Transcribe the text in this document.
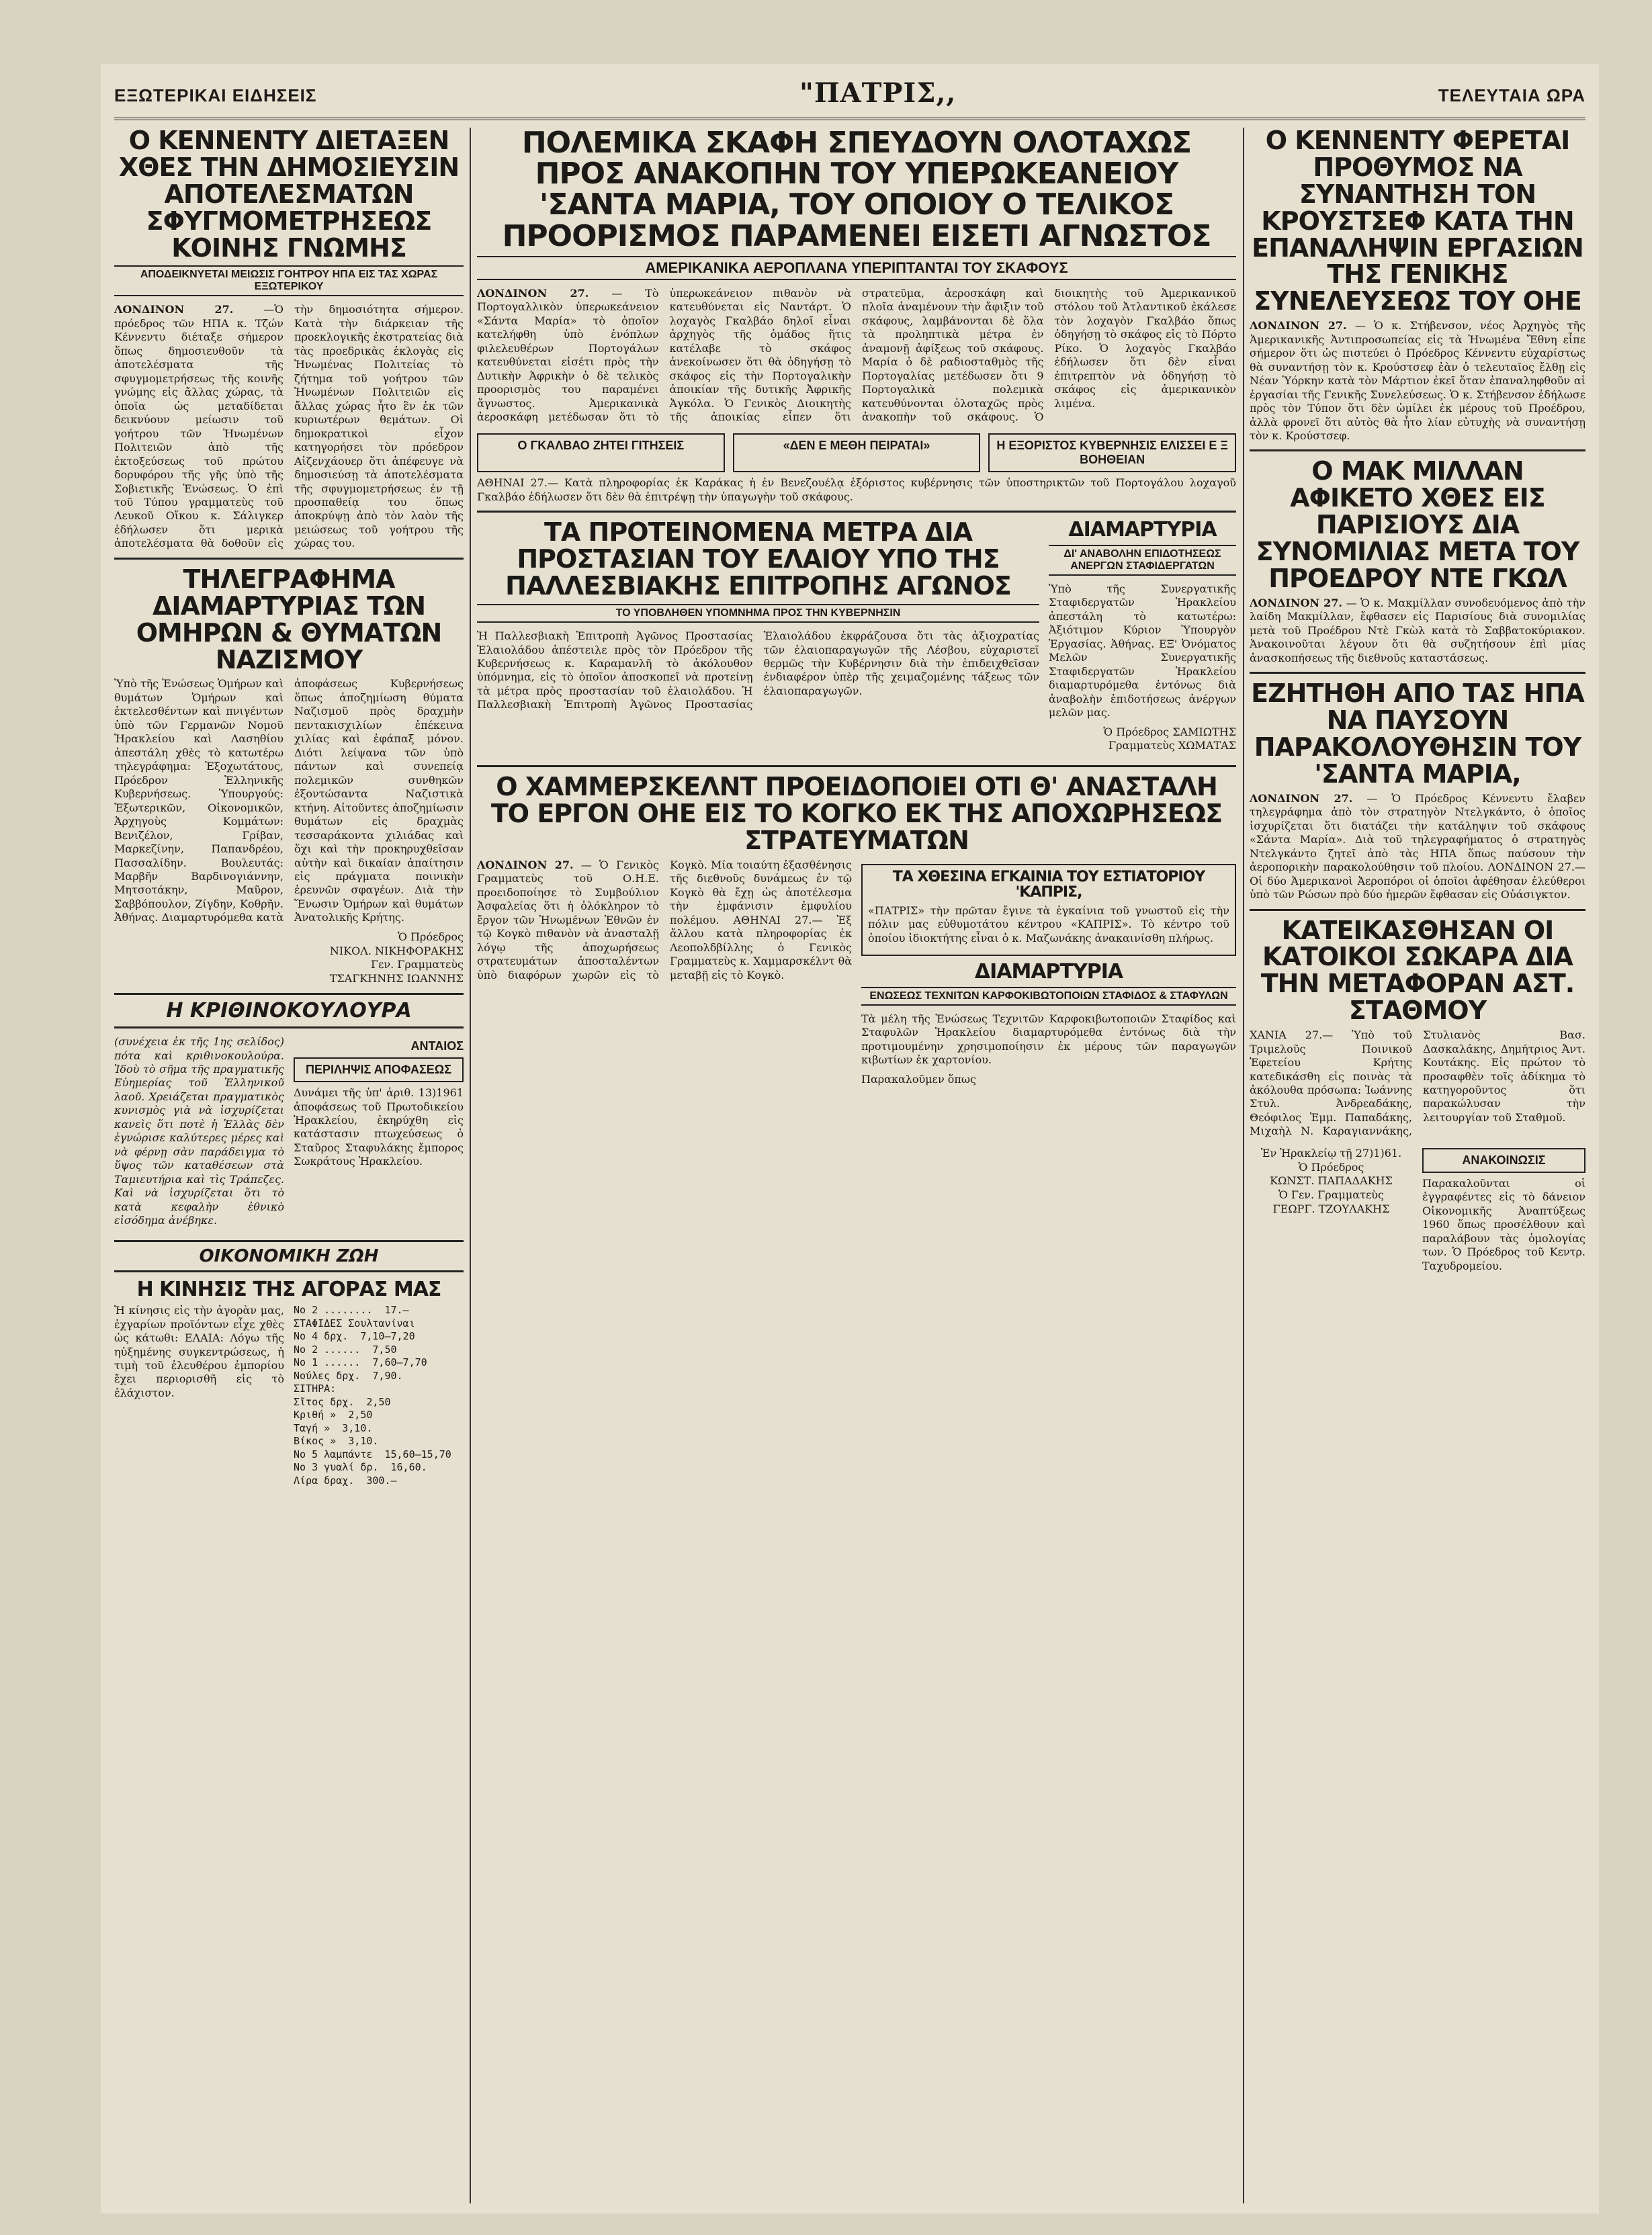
ΕΞΩΤΕΡΙΚΑΙ ΕΙΔΗΣΕΙΣ	"ΠΑΤΡΙΣ,,	ΤΕΛΕΥΤΑΙΑ ΩΡΑ
Ο ΚΕΝΝΕΝΤΥ ΔΙΕΤΑΞΕΝ ΧΘΕΣ ΤΗΝ ΔΗΜΟΣΙΕΥΣΙΝ ΑΠΟΤΕΛΕΣΜΑΤΩΝ ΣΦΥΓΜΟΜΕΤΡΗΣΕΩΣ ΚΟΙΝΗΣ ΓΝΩΜΗΣ
ΑΠΟΔΕΙΚΝΥΕΤΑΙ ΜΕΙΩΣΙΣ ΓΟΗΤΡΟΥ ΗΠΑ ΕΙΣ ΤΑΣ ΧΩΡΑΣ ΕΞΩΤΕΡΙΚΟΥ
ΛΟΝΔΙΝΟΝ 27.	—Ὁ πρόεδρος τῶν ΗΠΑ κ. Τζών Κέννεντυ διέταξε σήμερον ὅπως δημοσιευθοῦν τὰ ἀποτελέσματα τῆς σφυγμομετρήσεως τῆς κοινῆς γνώμης εἰς ἄλλας χώρας, τὰ ὁποῖα ὡς μεταδίδεται δεικνύουν μείωσιν τοῦ γοήτρου τῶν Ἡνωμένων Πολιτειῶν ἀπὸ τῆς ἐκτοξεύσεως τοῦ πρώτου δορυφόρου τῆς γῆς ὑπὸ τῆς Σοβιετικῆς Ἑνώσεως. Ὁ ἐπὶ τοῦ Τύπου γραμματεὺς τοῦ Λευκοῦ Οἴκου κ. Σάλιγκερ ἐδήλωσεν ὅτι μερικὰ ἀποτελέσματα θὰ δοθοῦν εἰς τὴν δημοσιότητα σήμερον. Κατὰ τὴν διάρκειαν τῆς προεκλογικῆς ἐκστρατείας διὰ τὰς προεδρικὰς ἐκλογὰς εἰς Ἡνωμένας Πολιτείας τὸ ζήτημα τοῦ γοήτρου τῶν Ἡνωμένων Πολιτειῶν εἰς ἄλλας χώρας ἦτο ἓν ἐκ τῶν κυριωτέρων θεμάτων. Οἱ δημοκρατικοὶ εἶχον κατηγορήσει τὸν πρόεδρον Αἰζενχάουερ ὅτι ἀπέφευγε νὰ δημοσιεύσῃ τὰ ἀποτελέσματα τῆς σφυγμομετρήσεως ἐν τῇ προσπαθείᾳ του ὅπως ἀποκρύψῃ ἀπὸ τὸν λαὸν τῆς μειώσεως τοῦ γοήτρου τῆς χώρας του.
ΤΗΛΕΓΡΑΦΗΜΑ ΔΙΑΜΑΡΤΥΡΙΑΣ ΤΩΝ ΟΜΗΡΩΝ & ΘΥΜΑΤΩΝ ΝΑΖΙΣΜΟΥ
Ὑπὸ τῆς Ἑνώσεως Ὁμήρων καὶ θυμάτων Ὁμήρων καὶ ἐκτελεσθέντων καὶ πνιγέντων ὑπὸ τῶν Γερμανῶν Νομοῦ Ἡρακλείου καὶ Λασηθίου ἀπεστάλη χθὲς τὸ κατωτέρω τηλεγράφημα: Ἐξοχωτάτους, Πρόεδρον Ἑλληνικῆς Κυβερνήσεως. Ὑπουργούς: Ἐξωτερικῶν, Οἰκονομικῶν, Ἀρχηγοὺς Κομμάτων: Βενιζέλον, Γρίβαν, Μαρκεζίνην, Παπανδρέου, Πασσαλίδην. Βουλευτάς: Μαρβῆν Βαρδινογιάννην, Μητσοτάκην, Μαῦρον, Σαββόπουλον, Ζίγδην, Κοθρῆν. Ἀθήνας. Διαμαρτυρόμεθα κατὰ ἀποφάσεως Κυβερνήσεως ὅπως ἀποζημίωση θύματα Ναζισμοῦ πρὸς δραχμὴν πεντακισχιλίων ἐπέκεινα χιλίας καὶ ἐφάπαξ μόνον. Διότι λείψανα τῶν ὑπὸ πάντων καὶ συνεπείᾳ πολεμικῶν συνθηκῶν ἐξοντώσαντα Ναζιστικὰ κτήνη. Αἰτοῦντες ἀποζημίωσιν θυμάτων εἰς δραχμὰς τεσσαράκοντα χιλιάδας καὶ ὅχι καὶ τὴν προκηρυχθεῖσαν αὐτὴν καὶ δικαίαν ἀπαίτησιν εἰς πράγματα ποινικὴν ἐρευνῶν σφαγέων. Διὰ τὴν Ἕνωσιν Ὁμήρων καὶ θυμάτων Ἀνατολικῆς Κρήτης.
Ὁ Πρόεδρος
ΝΙΚΟΛ. ΝΙΚΗΦΟΡΑΚΗΣ
Γεν. Γραμματεὺς
ΤΣΑΓΚΗΝΗΣ ΙΩΑΝΝΗΣ
Η ΚΡΙΘΙΝΟΚΟΥΛΟΥΡΑ
(συνέχεια ἐκ τῆς 1ης σελίδος) πότα καὶ κριθινοκουλούρα. Ἰδοὺ τὸ σῆμα τῆς πραγματικῆς Εὐημερίας τοῦ Ἑλληνικοῦ λαοῦ. Χρειάζεται πραγματικὸς κυνισμὸς γιὰ νὰ ἰσχυρίζεται κανεὶς ὅτι ποτὲ ἡ Ἑλλὰς δὲν ἐγνώρισε καλύτερες μέρες καὶ νὰ φέρνῃ σὰν παράδειγμα τὸ ὕψος τῶν καταθέσεων στὰ Ταμιευτήρια καὶ τὶς Τράπεζες. Καὶ νὰ ἰσχυρίζεται ὅτι τὸ κατὰ κεφαλὴν ἐθνικὸ εἰσόδημα ἀνέβηκε.
ΑΝΤΑΙΟΣ
ΠΕΡΙΛΗΨΙΣ ΑΠΟΦΑΣΕΩΣ
Δυνάμει τῆς ὑπ' ἀριθ. 13)1961 ἀποφάσεως τοῦ Πρωτοδικείου Ἡρακλείου, ἐκηρύχθη εἰς κατάστασιν πτωχεύσεως ὁ Σταῦρος Σταφυλάκης ἔμπορος Σωκράτους Ἡρακλείου.
ΟΙΚΟΝΟΜΙΚΗ ΖΩΗ
Η ΚΙΝΗΣΙΣ ΤΗΣ ΑΓΟΡΑΣ ΜΑΣ
Ἡ κίνησις εἰς τὴν ἀγορὰν μας, ἐχγαρίων προϊόντων εἶχε χθὲς ὡς κάτωθι: ΕΛΑΙΑ: Λόγω τῆς ηὐξημένης συγκεντρώσεως, ἡ τιμὴ τοῦ ἐλευθέρου ἐμπορίου ἔχει περιορισθῆ εἰς τὸ ἐλάχιστον.
No 2 ........  17.—
ΣΤΑΦΙΔΕΣ Σουλτανίναι
No 4 δρχ.  7,10—7,20
No 2 ......  7,50
No 1 ......  7,60—7,70
Νούλες δρχ.  7,90.
ΣΙΤΗΡΑ:
Σῖτος δρχ.  2,50
Κριθή »  2,50
Ταγή »  3,10.
Βίκος »  3,10.
No 5 λαμπάντε  15,60—15,70
No 3 γυαλί δρ.  16,60.
Λίρα δραχ.  300.—
ΠΟΛΕΜΙΚΑ ΣΚΑΦΗ ΣΠΕΥΔΟΥΝ ΟΛΟΤΑΧΩΣ ΠΡΟΣ ΑΝΑΚΟΠΗΝ ΤΟΥ ΥΠΕΡΩΚΕΑΝΕΙΟΥ 'ΣΑΝΤΑ ΜΑΡΙΑ, ΤΟΥ ΟΠΟΙΟΥ Ο ΤΕΛΙΚΟΣ ΠΡΟΟΡΙΣΜΟΣ ΠΑΡΑΜΕΝΕΙ ΕΙΣΕΤΙ ΑΓΝΩΣΤΟΣ
ΑΜΕΡΙΚΑΝΙΚΑ ΑΕΡΟΠΛΑΝΑ ΥΠΕΡΙΠΤΑΝΤΑΙ ΤΟΥ ΣΚΑΦΟΥΣ
ΛΟΝΔΙΝΟΝ 27. — Τὸ Πορτογαλλικὸν ὑπερωκεάνειον «Σάντα Μαρία» τὸ ὁποῖον κατελήφθη ὑπὸ ἐνόπλων φιλελευθέρων Πορτογάλων κατευθύνεται εἰσέτι πρὸς τὴν Δυτικὴν Ἀφρικὴν ὁ δὲ τελικὸς προορισμὸς του παραμένει ἄγνωστος. Ἀμερικανικὰ ἀεροσκάφη μετέδωσαν ὅτι τὸ ὑπερωκεάνειον πιθανὸν νὰ κατευθύνεται εἰς Ναντάρτ. Ὁ λοχαγὸς Γκαλβάο δηλοῖ εἶναι ἀρχηγὸς τῆς ὁμάδος ἥτις κατέλαβε τὸ σκάφος ἀνεκοίνωσεν ὅτι θὰ ὁδηγήσῃ τὸ σκάφος εἰς τὴν Πορτογαλικὴν ἀποικίαν τῆς δυτικῆς Ἀφρικῆς Ἀγκόλα. Ὁ Γενικὸς Διοικητὴς τῆς ἀποικίας εἶπεν ὅτι στρατεῦμα, ἀεροσκάφη καὶ πλοῖα ἀναμένουν τὴν ἄφιξιν τοῦ σκάφους, λαμβάνονται δὲ ὅλα τὰ προληπτικὰ μέτρα ἐν ἀναμονῇ ἀφίξεως τοῦ σκάφους. Μαρία ὁ δὲ ραδιοσταθμὸς τῆς Πορτογαλίας μετέδωσεν ὅτι 9 Πορτογαλικὰ πολεμικὰ κατευθύνονται ὁλοταχῶς πρὸς ἀνακοπὴν τοῦ σκάφους. Ὁ διοικητὴς τοῦ Ἀμερικανικοῦ στόλου τοῦ Ἀτλαντικοῦ ἐκάλεσε τὸν λοχαγὸν Γκαλβάο ὅπως ὁδηγήσῃ τὸ σκάφος εἰς τὸ Πόρτο Ρίκο. Ὁ λοχαγὸς Γκαλβάο ἐδήλωσεν ὅτι δὲν εἶναι ἐπιτρεπτὸν νὰ ὁδηγήσῃ τὸ σκάφος εἰς ἀμερικανικὸν λιμένα.
Ο ΓΚΑΛΒΑΟ ΖΗΤΕΙ ΓΙΤΗΣΕΙΣ	«ΔΕΝ Ε ΜΕΘΗ ΠΕΙΡΑΤΑΙ»	Η ΕΞΟΡΙΣΤΟΣ ΚΥΒΕΡΝΗΣΙΣ ΕΛΙΣΣΕΙ Ε Ξ ΒΟΗΘΕΙΑΝ
ΑΘΗΝΑΙ 27.— Κατὰ πληροφορίας ἐκ Καράκας ἡ ἐν Βενεζουέλᾳ ἐξόριστος κυβέρνησις τῶν ὑποστηρικτῶν τοῦ Πορτογάλου λοχαγοῦ Γκαλβάο ἐδήλωσεν ὅτι δὲν θὰ ἐπιτρέψῃ τὴν ὑπαγωγὴν τοῦ σκάφους.
ΤΑ ΠΡΟΤΕΙΝΟΜΕΝΑ ΜΕΤΡΑ ΔΙΑ ΠΡΟΣΤΑΣΙΑΝ ΤΟΥ ΕΛΑΙΟΥ ΥΠΟ ΤΗΣ ΠΑΛΛΕΣΒΙΑΚΗΣ ΕΠΙΤΡΟΠΗΣ ΑΓΩΝΟΣ
ΤΟ ΥΠΟΒΛΗΘΕΝ ΥΠΟΜΝΗΜΑ ΠΡΟΣ ΤΗΝ ΚΥΒΕΡΝΗΣΙΝ
Ἡ Παλλεσβιακὴ Ἐπιτροπὴ Ἀγῶνος Προστασίας Ἐλαιολάδου ἀπέστειλε πρὸς τὸν Πρόεδρον τῆς Κυβερνήσεως κ. Καραμανλῆ τὸ ἀκόλουθον ὑπόμνημα, εἰς τὸ ὁποῖον ἀποσκοπεῖ νὰ προτείνῃ τὰ μέτρα πρὸς προστασίαν τοῦ ἐλαιολάδου. Ἡ Παλλεσβιακὴ Ἐπιτροπὴ Ἀγῶνος Προστασίας Ἐλαιολάδου ἐκφράζουσα ὅτι τὰς ἀξιοχρατίας τῶν ἐλαιοπαραγωγῶν τῆς Λέσβου, εὐχαριστεῖ θερμῶς τὴν Κυβέρνησιν διὰ τὴν ἐπιδειχθεῖσαν ἐνδιαφέρον ὑπὲρ τῆς χειμαζομένης τάξεως τῶν ἐλαιοπαραγωγῶν.
ΔΙΑΜΑΡΤΥΡΙΑ
ΔΙ' ΑΝΑΒΟΛΗΝ ΕΠΙΔΟΤΗΣΕΩΣ ΑΝΕΡΓΩΝ ΣΤΑΦΙΔΕΡΓΑΤΩΝ
Ὑπὸ τῆς Συνεργατικῆς Σταφιδεργατῶν Ἡρακλείου ἀπεστάλη τὸ κατωτέρω: Ἀξιότιμον Κύριον Ὑπουργὸν Ἐργασίας. Ἀθήνας. ΕΞ' Ὀνόματος Μελῶν Συνεργατικῆς Σταφιδεργατῶν Ἡρακλείου διαμαρτυρόμεθα ἐντόνως διὰ ἀναβολὴν ἐπιδοτήσεως ἀνέργων μελῶν μας.
Ὁ Πρόεδρος ΣΑΜΙΩΤΗΣ
Γραμματεὺς ΧΩΜΑΤΑΣ
Ο ΧΑΜΜΕΡΣΚΕΛΝΤ ΠΡΟΕΙΔΟΠΟΙΕΙ ΟΤΙ Θ' ΑΝΑΣΤΑΛΗ ΤΟ ΕΡΓΟΝ ΟΗΕ ΕΙΣ ΤΟ ΚΟΓΚΟ ΕΚ ΤΗΣ ΑΠΟΧΩΡΗΣΕΩΣ ΣΤΡΑΤΕΥΜΑΤΩΝ
ΛΟΝΔΙΝΟΝ 27. — Ὁ Γενικὸς Γραμματεὺς τοῦ Ο.Η.Ε. προειδοποίησε τὸ Συμβούλιον Ἀσφαλείας ὅτι ἡ ὀλόκληρον τὸ ἔργον τῶν Ἡνωμένων Ἐθνῶν ἐν τῷ Κογκὸ πιθανὸν νὰ ἀνασταλῇ λόγῳ τῆς ἀποχωρήσεως στρατευμάτων ἀποσταλέντων ὑπὸ διαφόρων χωρῶν εἰς τὸ Κογκὸ. Μία τοιαύτη ἐξασθένησις τῆς διεθνοῦς δυνάμεως ἐν τῷ Κογκὸ θὰ ἔχῃ ὡς ἀποτέλεσμα τὴν ἐμφάνισιν ἐμφυλίου πολέμου. ΑΘΗΝΑΙ 27.— Ἐξ ἄλλου κατὰ πληροφορίας ἐκ Λεοπολδβίλλης ὁ Γενικὸς Γραμματεὺς κ. Χαμμαρσκέλντ θὰ μεταβῇ εἰς τὸ Κογκὸ.
ΤΑ ΧΘΕΣΙΝΑ ΕΓΚΑΙΝΙΑ ΤΟΥ ΕΣΤΙΑΤΟΡΙΟΥ 'ΚΑΠΡΙΣ,
«ΠΑΤΡΙΣ» τὴν πρῶταν ἔγινε τὰ ἐγκαίνια τοῦ γνωστοῦ εἰς τὴν πόλιν μας εὐθυμοτάτου κέντρου «ΚΑΠΡΙΣ». Τὸ κέντρο τοῦ ὁποίου ἰδιοκτήτης εἶναι ὁ κ. Μαζωνάκης ἀνακαινίσθη πλήρως.
ΔΙΑΜΑΡΤΥΡΙΑ
ΕΝΩΣΕΩΣ ΤΕΧΝΙΤΩΝ ΚΑΡΦΟΚΙΒΩΤΟΠΟΙΩΝ ΣΤΑΦΙΔΟΣ & ΣΤΑΦΥΛΩΝ
Τὰ μέλη τῆς Ἑνώσεως Τεχνιτῶν Καρφοκιβωτοποιῶν Σταφίδος καὶ Σταφυλῶν Ἡρακλείου διαμαρτυρόμεθα ἐντόνως διὰ τὴν προτιμουμένην χρησιμοποίησιν ἐκ μέρους τῶν παραγωγῶν κιβωτίων ἐκ χαρτονίου.
Παρακαλοῦμεν ὅπως
Ο ΚΕΝΝΕΝΤΥ ΦΕΡΕΤΑΙ ΠΡΟΘΥΜΟΣ ΝΑ ΣΥΝΑΝΤΗΣΗ ΤΟΝ ΚΡΟΥΣΤΣΕΦ ΚΑΤΑ ΤΗΝ ΕΠΑΝΑΛΗΨΙΝ ΕΡΓΑΣΙΩΝ ΤΗΣ ΓΕΝΙΚΗΣ ΣΥΝΕΛΕΥΣΕΩΣ ΤΟΥ ΟΗΕ
ΛΟΝΔΙΝΟΝ 27. — Ὁ κ. Στήβενσον, νέος Ἀρχηγὸς τῆς Ἀμερικανικῆς Ἀντιπροσωπείας εἰς τὰ Ἡνωμένα Ἔθνη εἶπε σήμερον ὅτι ὡς πιστεύει ὁ Πρόεδρος Κέννεντυ εὐχαρίστως θὰ συναντήσῃ τὸν κ. Κρούστσεφ ἐὰν ὁ τελευταῖος ἔλθῃ εἰς Νέαν Ὑόρκην κατὰ τὸν Μάρτιον ἐκεῖ ὅταν ἐπαναληφθοῦν αἱ ἐργασίαι τῆς Γενικῆς Συνελεύσεως. Ὁ κ. Στήβενσον ἐδήλωσε πρὸς τὸν Τύπον ὅτι δὲν ὡμίλει ἐκ μέρους τοῦ Προέδρου, ἀλλὰ φρονεῖ ὅτι αὐτὸς θὰ ἦτο λίαν εὐτυχὴς νὰ συναντήσῃ τὸν κ. Κρούστσεφ.
Ο ΜΑΚ ΜΙΛΛΑΝ ΑΦΙΚΕΤΟ ΧΘΕΣ ΕΙΣ ΠΑΡΙΣΙΟΥΣ ΔΙΑ ΣΥΝΟΜΙΛΙΑΣ ΜΕΤΑ ΤΟΥ ΠΡΟΕΔΡΟΥ ΝΤΕ ΓΚΩΛ
ΛΟΝΔΙΝΟΝ 27. — Ὁ κ. Μακμίλλαν συνοδευόμενος ἀπὸ τὴν λαίδη Μακμίλλαν, ἔφθασεν εἰς Παρισίους διὰ συνομιλίας μετὰ τοῦ Προέδρου Ντὲ Γκὼλ κατὰ τὸ Σαββατοκύριακον. Ἀνακοινοῦται λέγουν ὅτι θὰ συζητήσουν ἐπὶ μίας ἀνασκοπήσεως τῆς διεθνοῦς καταστάσεως.
ΕΖΗΤΗΘΗ ΑΠΟ ΤΑΣ ΗΠΑ ΝΑ ΠΑΥΣΟΥΝ ΠΑΡΑΚΟΛΟΥΘΗΣΙΝ ΤΟΥ 'ΣΑΝΤΑ ΜΑΡΙΑ,
ΛΟΝΔΙΝΟΝ 27. — Ὁ Πρόεδρος Κέννεντυ ἔλαβεν τηλεγράφημα ἀπὸ τὸν στρατηγὸν Ντελγκάντο, ὁ ὁποῖος ἰσχυρίζεται ὅτι διατάζει τὴν κατάληψιν τοῦ σκάφους «Σάντα Μαρία». Διὰ τοῦ τηλεγραφήματος ὁ στρατηγὸς Ντελγκάντο ζητεῖ ἀπὸ τὰς ΗΠΑ ὅπως παύσουν τὴν ἀεροπορικὴν παρακολούθησιν τοῦ πλοίου. ΛΟΝΔΙΝΟΝ 27.— Οἱ δύο Ἀμερικανοὶ Ἀεροπόροι οἱ ὁποῖοι ἀφέθησαν ἐλεύθεροι ὑπὸ τῶν Ρώσων πρὸ δύο ἡμερῶν ἔφθασαν εἰς Οὐάσιγκτον.
ΚΑΤΕΙΚΑΣΘΗΣΑΝ ΟΙ ΚΑΤΟΙΚΟΙ ΣΩΚΑΡΑ ΔΙΑ ΤΗΝ ΜΕΤΑΦΟΡΑΝ ΑΣΤ. ΣΤΑΘΜΟΥ
ΧΑΝΙΑ 27.— Ὑπὸ τοῦ Τριμελοῦς Ποινικοῦ Ἐφετείου Κρήτης κατεδικάσθη εἰς ποινὰς τὰ ἀκόλουθα πρόσωπα: Ἰωάννης Στυλ. Ἀνδρεαδάκης, Θεόφιλος Ἐμμ. Παπαδάκης, Μιχαὴλ Ν. Καραγιαννάκης, Στυλιανὸς Βασ. Δασκαλάκης, Δημήτριος Ἀντ. Κουτάκης. Εἰς πρώτον τὸ προσαφθὲν τοῖς ἀδίκημα τὸ κατηγοροῦντος ὅτι παρακώλυσαν τὴν λειτουργίαν τοῦ Σταθμοῦ.
Ἐν Ἡρακλείῳ τῇ 27)1)61.
Ὁ Πρόεδρος
ΚΩΝΣΤ. ΠΑΠΑΔΑΚΗΣ
Ὁ Γεν. Γραμματεὺς
ΓΕΩΡΓ. ΤΖΟΥΛΑΚΗΣ
ΑΝΑΚΟΙΝΩΣΙΣ
Παρακαλοῦνται οἱ ἐγγραφέντες εἰς τὸ δάνειον Οἰκονομικῆς Ἀναπτύξεως 1960 ὅπως προσέλθουν καὶ παραλάβουν τὰς ὁμολογίας των. Ὁ Πρόεδρος τοῦ Κεντρ. Ταχυδρομείου.
